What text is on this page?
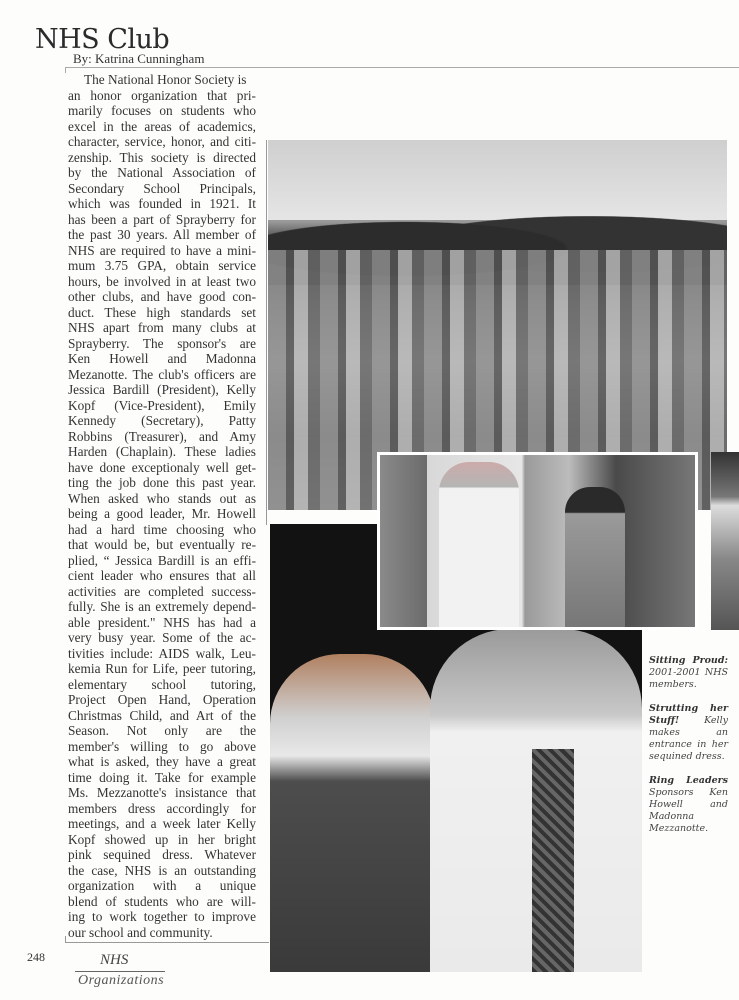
NHS Club
By: Katrina Cunningham
The National Honor Society is
an honor organization that pri-
marily focuses on students who
excel in the areas of academics,
character, service, honor, and citi-
zenship. This society is directed
by the National Association of
Secondary School Principals,
which was founded in 1921. It
has been a part of Sprayberry for
the past 30 years. All member of
NHS are required to have a mini-
mum 3.75 GPA, obtain service
hours, be involved in at least two
other clubs, and have good con-
duct. These high standards set
NHS apart from many clubs at
Sprayberry. The sponsor's are
Ken Howell and Madonna
Mezanotte. The club's officers are
Jessica Bardill (President), Kelly
Kopf (Vice-President), Emily
Kennedy (Secretary), Patty
Robbins (Treasurer), and Amy
Harden (Chaplain). These ladies
have done exceptionaly well get-
ting the job done this past year.
When asked who stands out as
being a good leader, Mr. Howell
had a hard time choosing who
that would be, but eventually re-
plied, “ Jessica Bardill is an effi-
cient leader who ensures that all
activities are completed success-
fully. She is an extremely depend-
able president." NHS has had a
very busy year. Some of the ac-
tivities include: AIDS walk, Leu-
kemia Run for Life, peer tutoring,
elementary school tutoring,
Project Open Hand, Operation
Christmas Child, and Art of the
Season. Not only are the
member's willing to go above
what is asked, they have a great
time doing it. Take for example
Ms. Mezzanotte's insistance that
members dress accordingly for
meetings, and a week later Kelly
Kopf showed up in her bright
pink sequined dress. Whatever
the case, NHS is an outstanding
organization with a unique
blend of students who are will-
ing to work together to improve
our school and community.
Sitting Proud: 2001-2001 NHS members.
Strutting her Stuff!	Kelly makes an entrance in her sequined dress.
Ring Leaders Sponsors Ken Howell and Madonna Mezzanotte.
248	NHS
Organizations
